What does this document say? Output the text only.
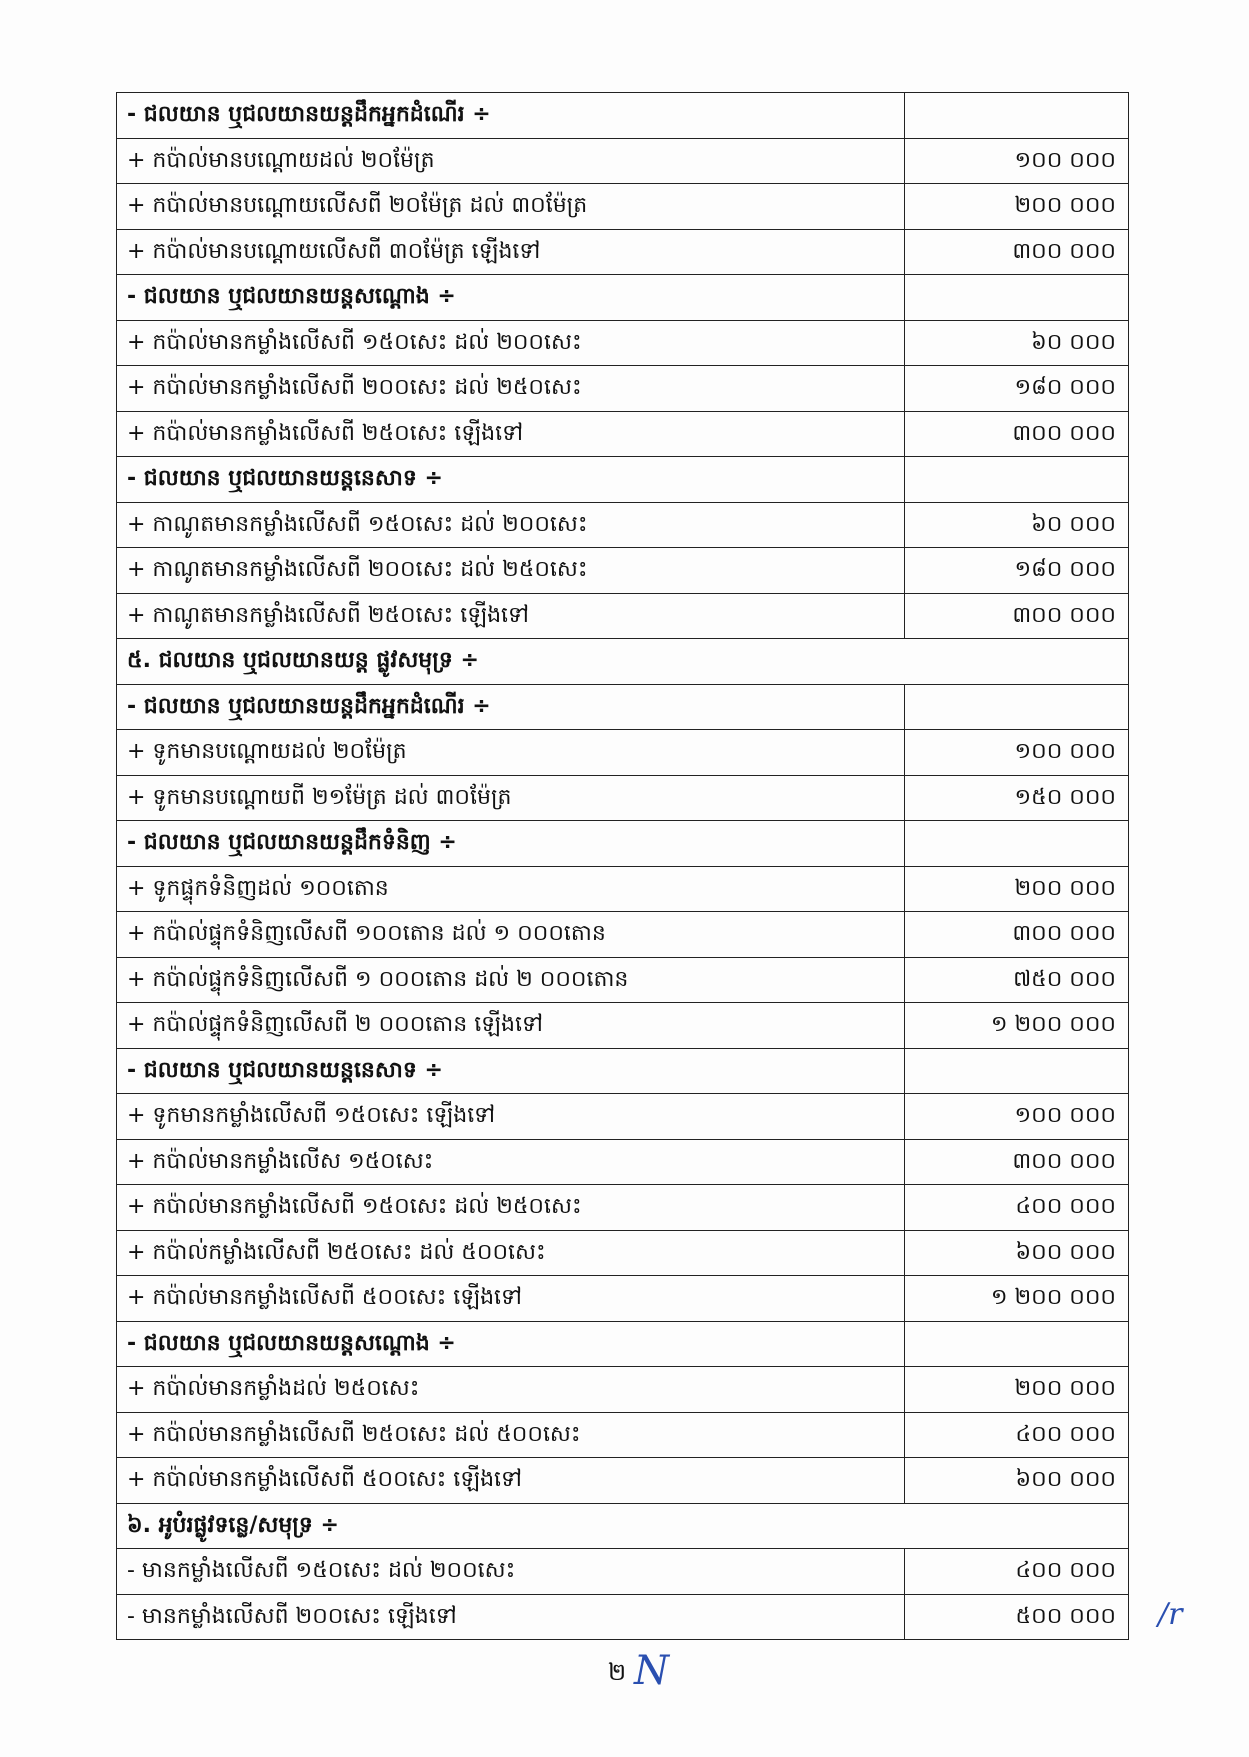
- ជលយាន ឬជលយានយន្តដឹកអ្នកដំណើរ ÷	
+ កប៉ាល់មានបណ្តោយដល់ ២០ម៉ែត្រ	១០០ ០០០
+ កប៉ាល់មានបណ្តោយលើសពី ២០ម៉ែត្រ ដល់ ៣០ម៉ែត្រ	២០០ ០០០
+ កប៉ាល់មានបណ្តោយលើសពី ៣០ម៉ែត្រ ឡើងទៅ	៣០០ ០០០
- ជលយាន ឬជលយានយន្តសណ្តោង ÷	
+ កប៉ាល់មានកម្លាំងលើសពី ១៥០សេះ ដល់ ២០០សេះ	៦០ ០០០
+ កប៉ាល់មានកម្លាំងលើសពី ២០០សេះ ដល់ ២៥០សេះ	១៨០ ០០០
+ កប៉ាល់មានកម្លាំងលើសពី ២៥០សេះ ឡើងទៅ	៣០០ ០០០
- ជលយាន ឬជលយានយន្តនេសាទ ÷	
+ កាណូតមានកម្លាំងលើសពី ១៥០សេះ ដល់ ២០០សេះ	៦០ ០០០
+ កាណូតមានកម្លាំងលើសពី ២០០សេះ ដល់ ២៥០សេះ	១៨០ ០០០
+ កាណូតមានកម្លាំងលើសពី ២៥០សេះ ឡើងទៅ	៣០០ ០០០
៥. ជលយាន ឬជលយានយន្ត ផ្លូវសមុទ្រ ÷	
- ជលយាន ឬជលយានយន្តដឹកអ្នកដំណើរ ÷	
+ ទូកមានបណ្តោយដល់ ២០ម៉ែត្រ	១០០ ០០០
+ ទូកមានបណ្តោយពី ២១ម៉ែត្រ ដល់ ៣០ម៉ែត្រ	១៥០ ០០០
- ជលយាន ឬជលយានយន្តដឹកទំនិញ ÷	
+ ទូកផ្ទុកទំនិញដល់ ១០០តោន	២០០ ០០០
+ កប៉ាល់ផ្ទុកទំនិញលើសពី ១០០តោន ដល់ ១ ០០០តោន	៣០០ ០០០
+ កប៉ាល់ផ្ទុកទំនិញលើសពី ១ ០០០តោន ដល់ ២ ០០០តោន	៧៥០ ០០០
+ កប៉ាល់ផ្ទុកទំនិញលើសពី ២ ០០០តោន ឡើងទៅ	១ ២០០ ០០០
- ជលយាន ឬជលយានយន្តនេសាទ ÷	
+ ទូកមានកម្លាំងលើសពី ១៥០សេះ ឡើងទៅ	១០០ ០០០
+ កប៉ាល់មានកម្លាំងលើស ១៥០សេះ	៣០០ ០០០
+ កប៉ាល់មានកម្លាំងលើសពី ១៥០សេះ ដល់ ២៥០សេះ	៤០០ ០០០
+ កប៉ាល់កម្លាំងលើសពី ២៥០សេះ ដល់ ៥០០សេះ	៦០០ ០០០
+ កប៉ាល់មានកម្លាំងលើសពី ៥០០សេះ ឡើងទៅ	១ ២០០ ០០០
- ជលយាន ឬជលយានយន្តសណ្តោង ÷	
+ កប៉ាល់មានកម្លាំងដល់ ២៥០សេះ	២០០ ០០០
+ កប៉ាល់មានកម្លាំងលើសពី ២៥០សេះ ដល់ ៥០០សេះ	៤០០ ០០០
+ កប៉ាល់មានកម្លាំងលើសពី ៥០០សេះ ឡើងទៅ	៦០០ ០០០
៦. អូបំរផ្លូវទន្លេ/សមុទ្រ ÷	
- មានកម្លាំងលើសពី ១៥០សេះ ដល់ ២០០សេះ	៤០០ ០០០
- មានកម្លាំងលើសពី ២០០សេះ ឡើងទៅ	៥០០ ០០០
២
/r
N
